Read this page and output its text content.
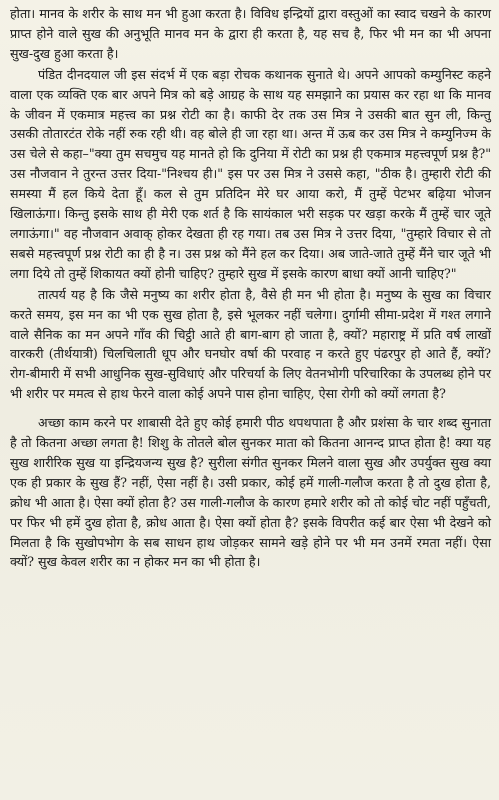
होता। मानव के शरीर के साथ मन भी हुआ करता है। विविध इन्द्रियों द्वारा वस्तुओं का स्वाद चखने के कारण प्राप्त होने वाले सुख की अनुभूति मानव मन के द्वारा ही करता है, यह सच है, फिर भी मन का भी अपना सुख-दुख हुआ करता है।

पंडित दीनदयाल जी इस संदर्भ में एक बड़ा रोचक कथानक सुनाते थे। अपने आपको कम्युनिस्ट कहने वाला एक व्यक्ति एक बार अपने मित्र को बड़े आग्रह के साथ यह समझाने का प्रयास कर रहा था कि मानव के जीवन में एकमात्र महत्त्व का प्रश्न रोटी का है। काफी देर तक उस मित्र ने उसकी बात सुन ली, किन्तु उसकी तोतारटंत रोके नहीं रुक रही थी। वह बोले ही जा रहा था। अन्त में ऊब कर उस मित्र ने कम्युनिज्म के उस चेले से कहा–"क्या तुम सचमुच यह मानते हो कि दुनिया में रोटी का प्रश्न ही एकमात्र महत्त्वपूर्ण प्रश्न है?" उस नौजवान ने तुरन्त उत्तर दिया-"निश्चय ही।" इस पर उस मित्र ने उससे कहा, "ठीक है। तुम्हारी रोटी की समस्या मैं हल किये देता हूँ। कल से तुम प्रतिदिन मेरे घर आया करो, मैं तुम्हें पेटभर बढ़िया भोजन खिलाऊंगा। किन्तु इसके साथ ही मेरी एक शर्त है कि सायंकाल भरी सड़क पर खड़ा करके मैं तुम्हें चार जूते लगाऊंगा।" वह नौजवान अवाक् होकर देखता ही रह गया। तब उस मित्र ने उत्तर दिया, "तुम्हारे विचार से तो सबसे महत्त्वपूर्ण प्रश्न रोटी का ही है न। उस प्रश्न को मैंने हल कर दिया। अब जाते-जाते तुम्हें मैंने चार जूते भी लगा दिये तो तुम्हें शिकायत क्यों होनी चाहिए? तुम्हारे सुख में इसके कारण बाधा क्यों आनी चाहिए?"

तात्पर्य यह है कि जैसे मनुष्य का शरीर होता है, वैसे ही मन भी होता है। मनुष्य के सुख का विचार करते समय, इस मन का भी एक सुख होता है, इसे भूलकर नहीं चलेगा। दुर्गामी सीमा-प्रदेश में गश्त लगाने वाले सैनिक का मन अपने गाँव की चिट्ठी आते ही बाग-बाग हो जाता है, क्यों? महाराष्ट्र में प्रति वर्ष लाखों वारकरी (तीर्थयात्री) चिलचिलाती धूप और घनघोर वर्षा की परवाह न करते हुए पंढरपुर हो आते हैं, क्यों? रोग-बीमारी में सभी आधुनिक सुख-सुविधाएं और परिचर्या के लिए वेतनभोगी परिचारिका के उपलब्ध होने पर भी शरीर पर ममत्व से हाथ फेरने वाला कोई अपने पास होना चाहिए, ऐसा रोगी को क्यों लगता है?

अच्छा काम करने पर शाबासी देते हुए कोई हमारी पीठ थपथपाता है और प्रशंसा के चार शब्द सुनाता है तो कितना अच्छा लगता है! शिशु के तोतले बोल सुनकर माता को कितना आनन्द प्राप्त होता है! क्या यह सुख शारीरिक सुख या इन्द्रियजन्य सुख है? सुरीला संगीत सुनकर मिलने वाला सुख और उपर्युक्त सुख क्या एक ही प्रकार के सुख हैं? नहीं, ऐसा नहीं है। उसी प्रकार, कोई हमें गाली-गलौज करता है तो दुख होता है, क्रोध भी आता है। ऐसा क्यों होता है? उस गाली-गलौज के कारण हमारे शरीर को तो कोई चोट नहीं पहुँचती, पर फिर भी हमें दुख होता है, क्रोध आता है। ऐसा क्यों होता है? इसके विपरीत कई बार ऐसा भी देखने को मिलता है कि सुखोपभोग के सब साधन हाथ जोड़कर सामने खड़े होने पर भी मन उनमें रमता नहीं। ऐसा क्यों? सुख केवल शरीर का न होकर मन का भी होता है।
